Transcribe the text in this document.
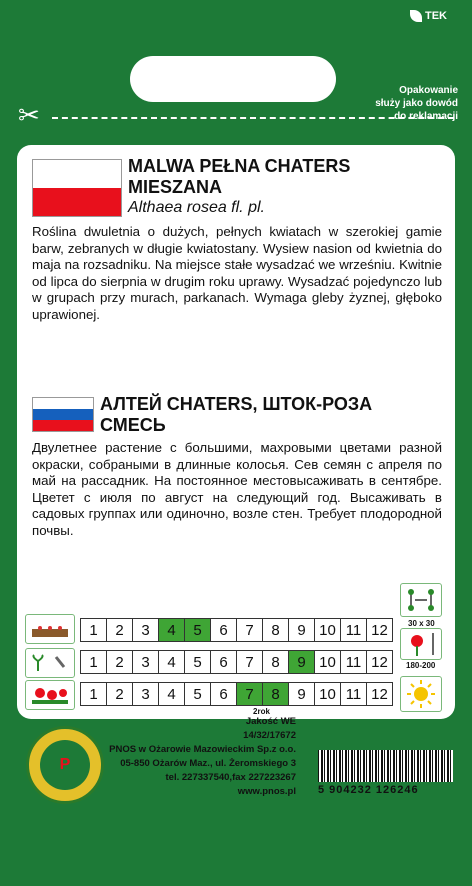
TEK
Opakowanie
służy jako dowód
do reklamacji
✂
MALWA PEŁNA CHATERS
MIESZANA
Althaea rosea fl. pl.
Roślina dwuletnia o dużych, pełnych kwiatach w szerokiej gamie barw, zebranych w długie kwiatostany. Wysiew nasion od kwietnia do maja na rozsadniku. Na miejsce stałe wysadzać we wrześniu. Kwitnie od lipca do sierpnia w drugim roku uprawy. Wysadzać pojedynczo lub w grupach przy murach, parkanach. Wymaga gleby żyznej, głęboko uprawionej.
АЛТЕЙ CHATERS, ШТОК-РОЗА
СМЕСЬ
Двулетнее растение с большими, махровыми цветами разной окраски, собраными в длинные колосья. Сев семян с апреля по май на рассадник. На постоянное местовысаживать в сентябре. Цветет с июля по август на следующий год. Высаживать в садовых группах или одиночно, возле стен. Требует плодородной почвы.
1	2	3	4	5	6	7	8	9 10 11 12
1	2	3	4	5	6	7	8	9 10 11 12
1	2	3	4	5	6	7	8	9 10 11 12
2rok
30 x 30
180-200
P
Jakość WE
14/32/17672
PNOS w Ożarowie Mazowieckim Sp.z o.o.
05-850 Ożarów Maz., ul. Żeromskiego 3
tel. 227337540,fax 227223267
www.pnos.pl 5 904232 126246
